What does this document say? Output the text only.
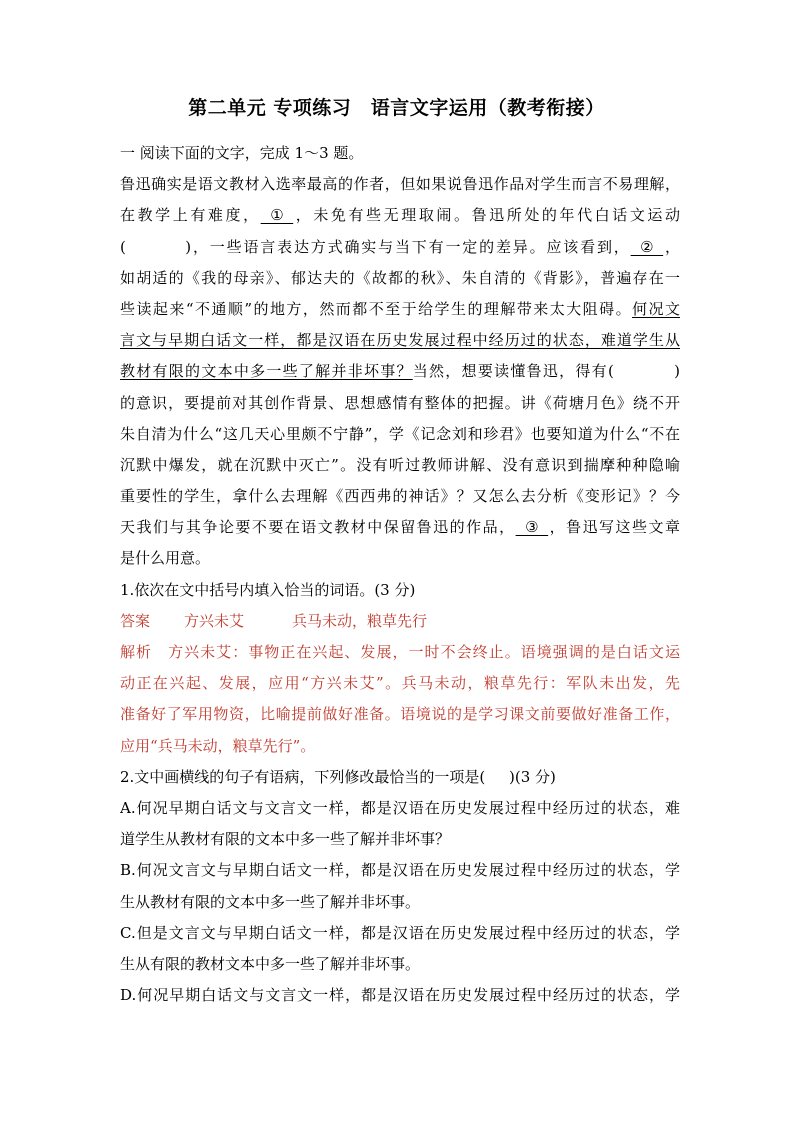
第二单元 专项练习　语言文字运用（教考衔接）
一 阅读下面的文字，完成 1～3 题。
鲁迅确实是语文教材入选率最高的作者，但如果说鲁迅作品对学生而言不易理解，
在教学上有难度，  ①  ，未免有些无理取闹。鲁迅所处的年代白话文运动
(	)，一些语言表达方式确实与当下有一定的差异。应该看到，  ②  ，
如胡适的《我的母亲》、郁达夫的《故都的秋》、朱自清的《背影》，普遍存在一
些读起来“不通顺”的地方，然而都不至于给学生的理解带来太大阻碍。何况文
言文与早期白话文一样，都是汉语在历史发展过程中经历过的状态，难道学生从
教材有限的文本中多一些了解并非坏事？当然，想要读懂鲁迅，得有(	)
的意识，要提前对其创作背景、思想感情有整体的把握。讲《荷塘月色》绕不开
朱自清为什么“这几天心里颇不宁静”，学《记念刘和珍君》也要知道为什么“不在
沉默中爆发，就在沉默中灭亡”。没有听过教师讲解、没有意识到揣摩种种隐喻
重要性的学生，拿什么去理解《西西弗的神话》？又怎么去分析《变形记》？今
天我们与其争论要不要在语文教材中保留鲁迅的作品，  ③  ，鲁迅写这些文章
是什么用意。
1.依次在文中括号内填入恰当的词语。(3 分)
答案 方兴未艾	兵马未动，粮草先行
解析　方兴未艾：事物正在兴起、发展，一时不会终止。语境强调的是白话文运
动正在兴起、发展，应用“方兴未艾”。兵马未动，粮草先行：军队未出发，先
准备好了军用物资，比喻提前做好准备。语境说的是学习课文前要做好准备工作，
应用“兵马未动，粮草先行”。
2.文中画横线的句子有语病，下列修改最恰当的一项是( )(3 分)
A.何况早期白话文与文言文一样，都是汉语在历史发展过程中经历过的状态，难
道学生从教材有限的文本中多一些了解并非坏事？
B.何况文言文与早期白话文一样，都是汉语在历史发展过程中经历过的状态，学
生从教材有限的文本中多一些了解并非坏事。
C.但是文言文与早期白话文一样，都是汉语在历史发展过程中经历过的状态，学
生从有限的教材文本中多一些了解并非坏事。
D.何况早期白话文与文言文一样，都是汉语在历史发展过程中经历过的状态，学
